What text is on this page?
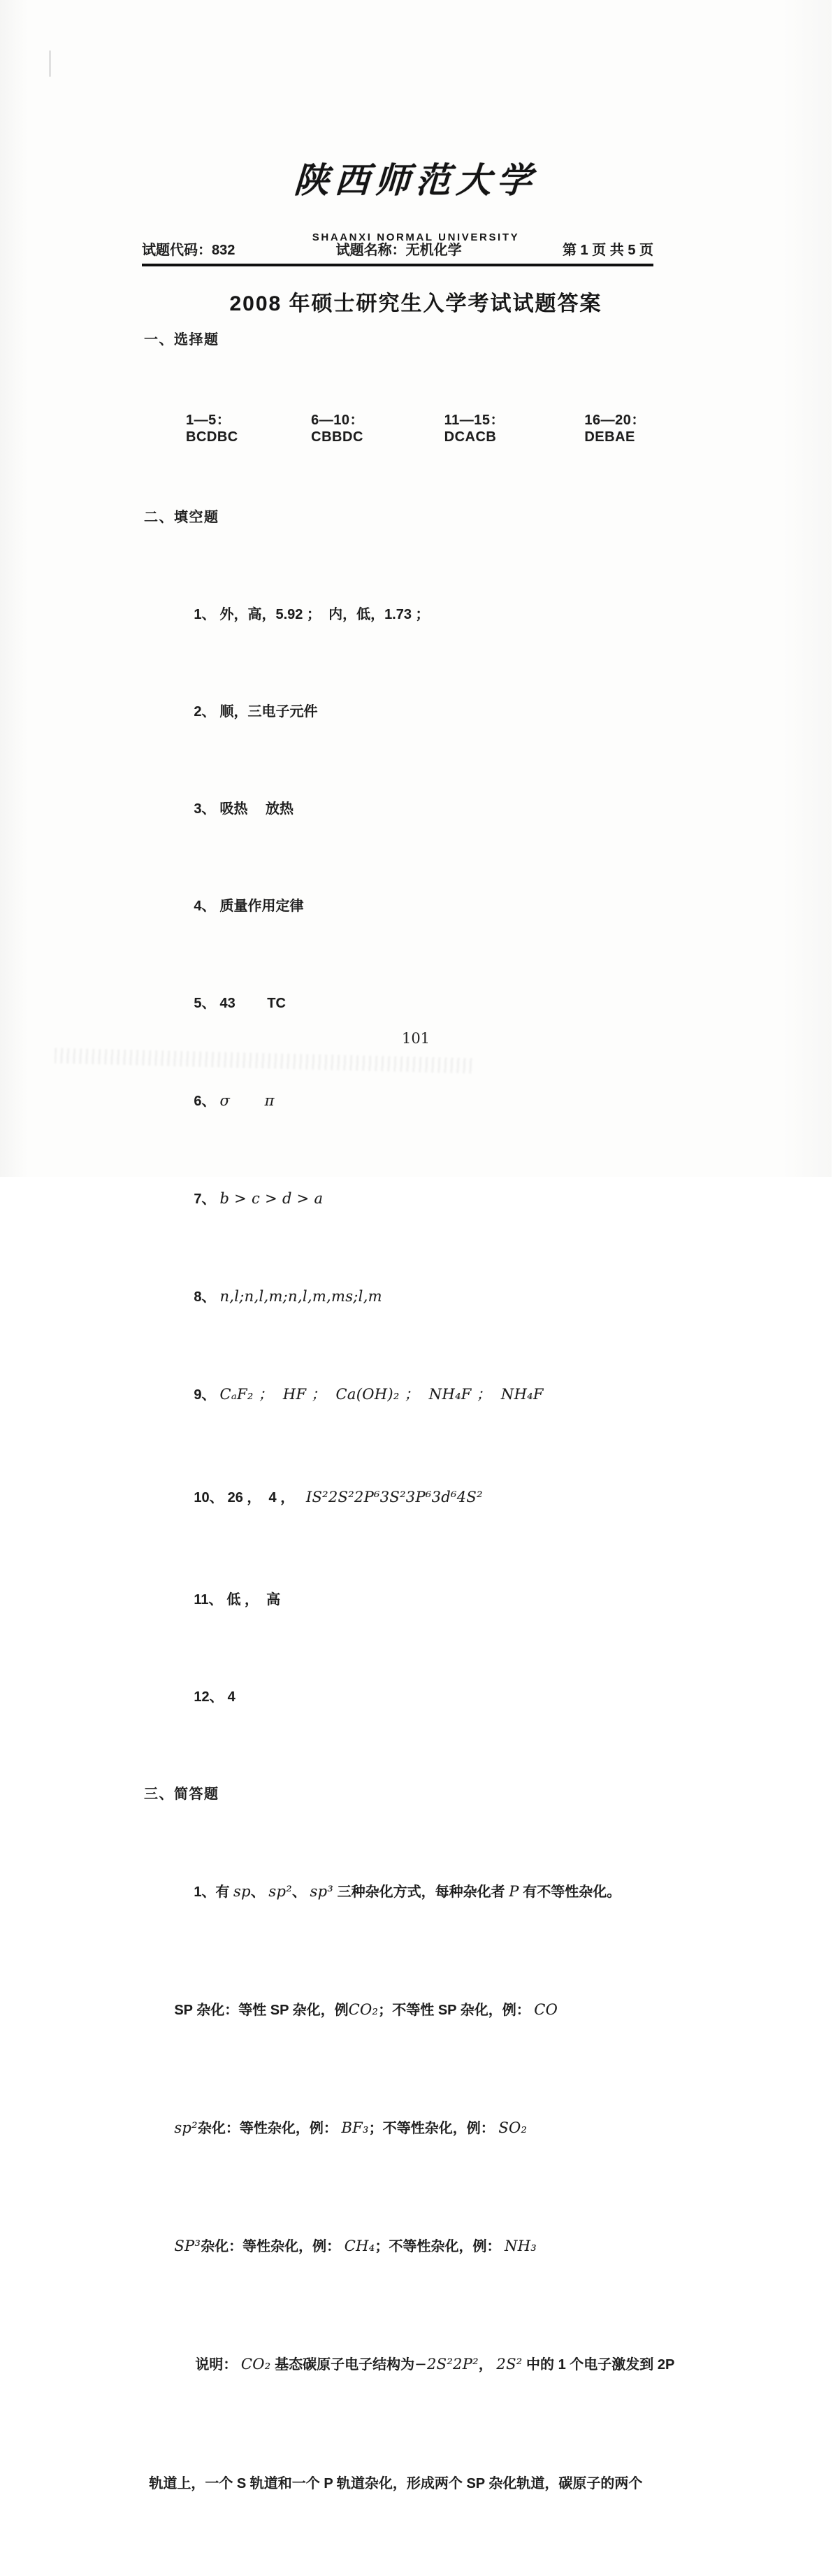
陕西师范大学

SHAANXI NORMAL UNIVERSITY

2008 年硕士研究生入学考试试题答案

试题代码：832	试题名称：无机化学	第 1 页 共 5 页

一、选择题

1—5：BCDBC
6—10：CBBDC
11—15：DCACB
16—20：DEBAE

二、填空题

1、 外，高，5.92 ；  内，低，1.73 ；

2、 顺，三电子元件

3、 吸热　 放热

4、 质量作用定律

5、 43　　 TC

6、 σ　　 π

7、 b > c > d > a

8、 n,l;n,l,m;n,l,m,ms;l,m

9、 CₐF₂ ；  HF ；  Ca(OH)₂ ；  NH₄F ；  NH₄F

10、 26 ，  4 ，   IS²2S²2P⁶3S²3P⁶3d⁶4S²

11、 低 ，  高

12、 4

三、简答题

1、有 sp、 sp²、 sp³ 三种杂化方式，每种杂化者 P 有不等性杂化。

SP 杂化：等性 SP 杂化，例CO₂；不等性 SP 杂化，例： CO

sp²杂化：等性杂化，例： BF₃；不等性杂化，例： SO₂

SP³杂化：等性杂化，例： CH₄；不等性杂化，例： NH₃

说明： CO₂ 基态碳原子电子结构为−2S²2P²， 2S² 中的 1 个电子激发到 2P

轨道上，一个 S 轨道和一个 P 轨道杂化，形成两个 SP 杂化轨道，碳原子的两个

101
